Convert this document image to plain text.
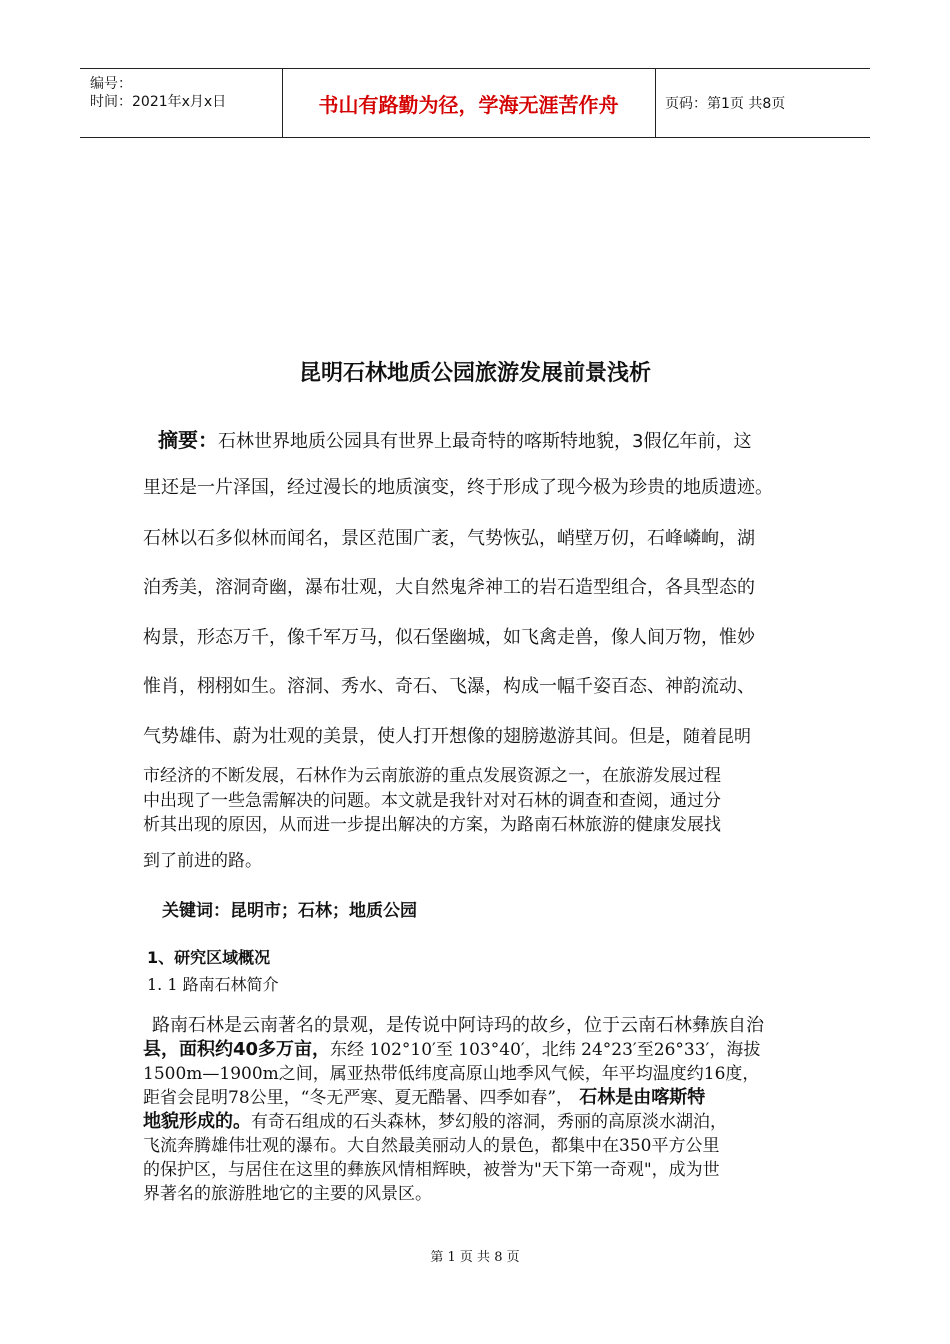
编号：
时间：2021年x月x日	书山有路勤为径，学海无涯苦作舟	页码：第1页 共8页
昆明石林地质公园旅游发展前景浅析
摘要：石林世界地质公园具有世界上最奇特的喀斯特地貌，3假亿年前，这
里还是一片泽国，经过漫长的地质演变，终于形成了现今极为珍贵的地质遗迹。
石林以石多似林而闻名，景区范围广袤，气势恢弘，峭壁万仞，石峰嶙峋，湖
泊秀美，溶洞奇幽，瀑布壮观，大自然鬼斧神工的岩石造型组合，各具型态的
构景，形态万千，像千军万马，似石堡幽城，如飞禽走兽，像人间万物，惟妙
惟肖，栩栩如生。溶洞、秀水、奇石、飞瀑，构成一幅千姿百态、神韵流动、
气势雄伟、蔚为壮观的美景，使人打开想像的翅膀遨游其间。但是，随着昆明
市经济的不断发展，石林作为云南旅游的重点发展资源之一，在旅游发展过程
中出现了一些急需解决的问题。本文就是我针对对石林的调查和查阅，通过分
析其出现的原因，从而进一步提出解决的方案，为路南石林旅游的健康发展找
到了前进的路。
关键词：昆明市；石林；地质公园
1、研究区域概况
1. 1 路南石林简介
路南石林是云南著名的景观，是传说中阿诗玛的故乡，位于云南石林彝族自治
县，面积约40多万亩，东经 102°10′至 103°40′，北纬 24°23′至26°33′，海拔
1500m—1900m之间，属亚热带低纬度高原山地季风气候，年平均温度约16度，
距省会昆明78公里，“冬无严寒、夏无酷暑、四季如春”， 石林是由喀斯特
地貌形成的。有奇石组成的石头森林，梦幻般的溶洞，秀丽的高原淡水湖泊，
飞流奔腾雄伟壮观的瀑布。大自然最美丽动人的景色，都集中在350平方公里
的保护区，与居住在这里的彝族风情相辉映，被誉为"天下第一奇观"，成为世
界著名的旅游胜地它的主要的风景区。
第 1 页 共 8 页
